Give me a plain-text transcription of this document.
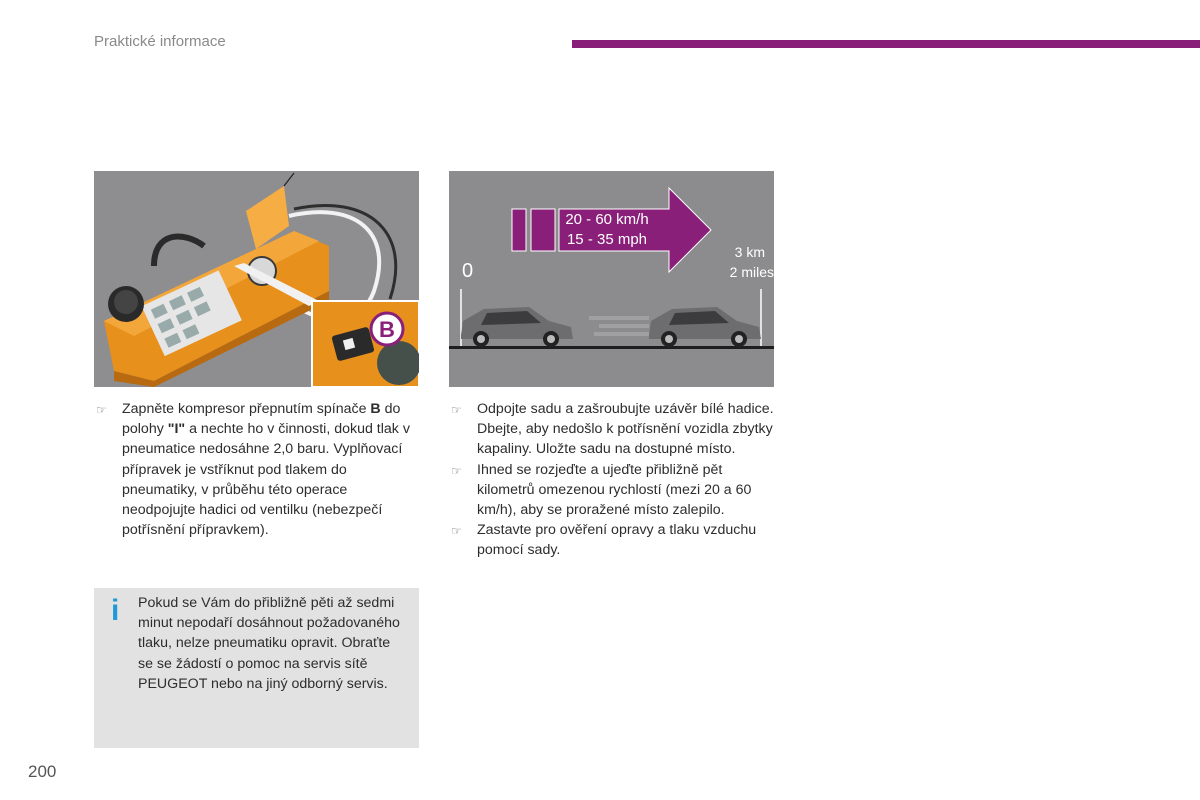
Praktické informace
B
20 - 60 km/h
15 - 35 mph
0
3 km
2 miles
☞ Zapněte kompresor přepnutím spínače B do polohy "I" a nechte ho v činnosti, dokud tlak v pneumatice nedosáhne 2,0 baru. Vyplňovací přípravek je vstříknut pod tlakem do pneumatiky, v průběhu této operace neodpojujte hadici od ventilku (nebezpečí potřísnění přípravkem).
☞ Odpojte sadu a zašroubujte uzávěr bílé hadice.
Dbejte, aby nedošlo k potřísnění vozidla zbytky kapaliny. Uložte sadu na dostupné místo.
☞ Ihned se rozjeďte a ujeďte přibližně pět kilometrů omezenou rychlostí (mezi 20 a 60 km/h), aby se proražené místo zalepilo.
☞ Zastavte pro ověření opravy a tlaku vzduchu pomocí sady.
i Pokud se Vám do přibližně pěti až sedmi minut nepodaří dosáhnout požadovaného tlaku, nelze pneumatiku opravit. Obraťte se se žádostí o pomoc na servis sítě PEUGEOT nebo na jiný odborný servis.
200
